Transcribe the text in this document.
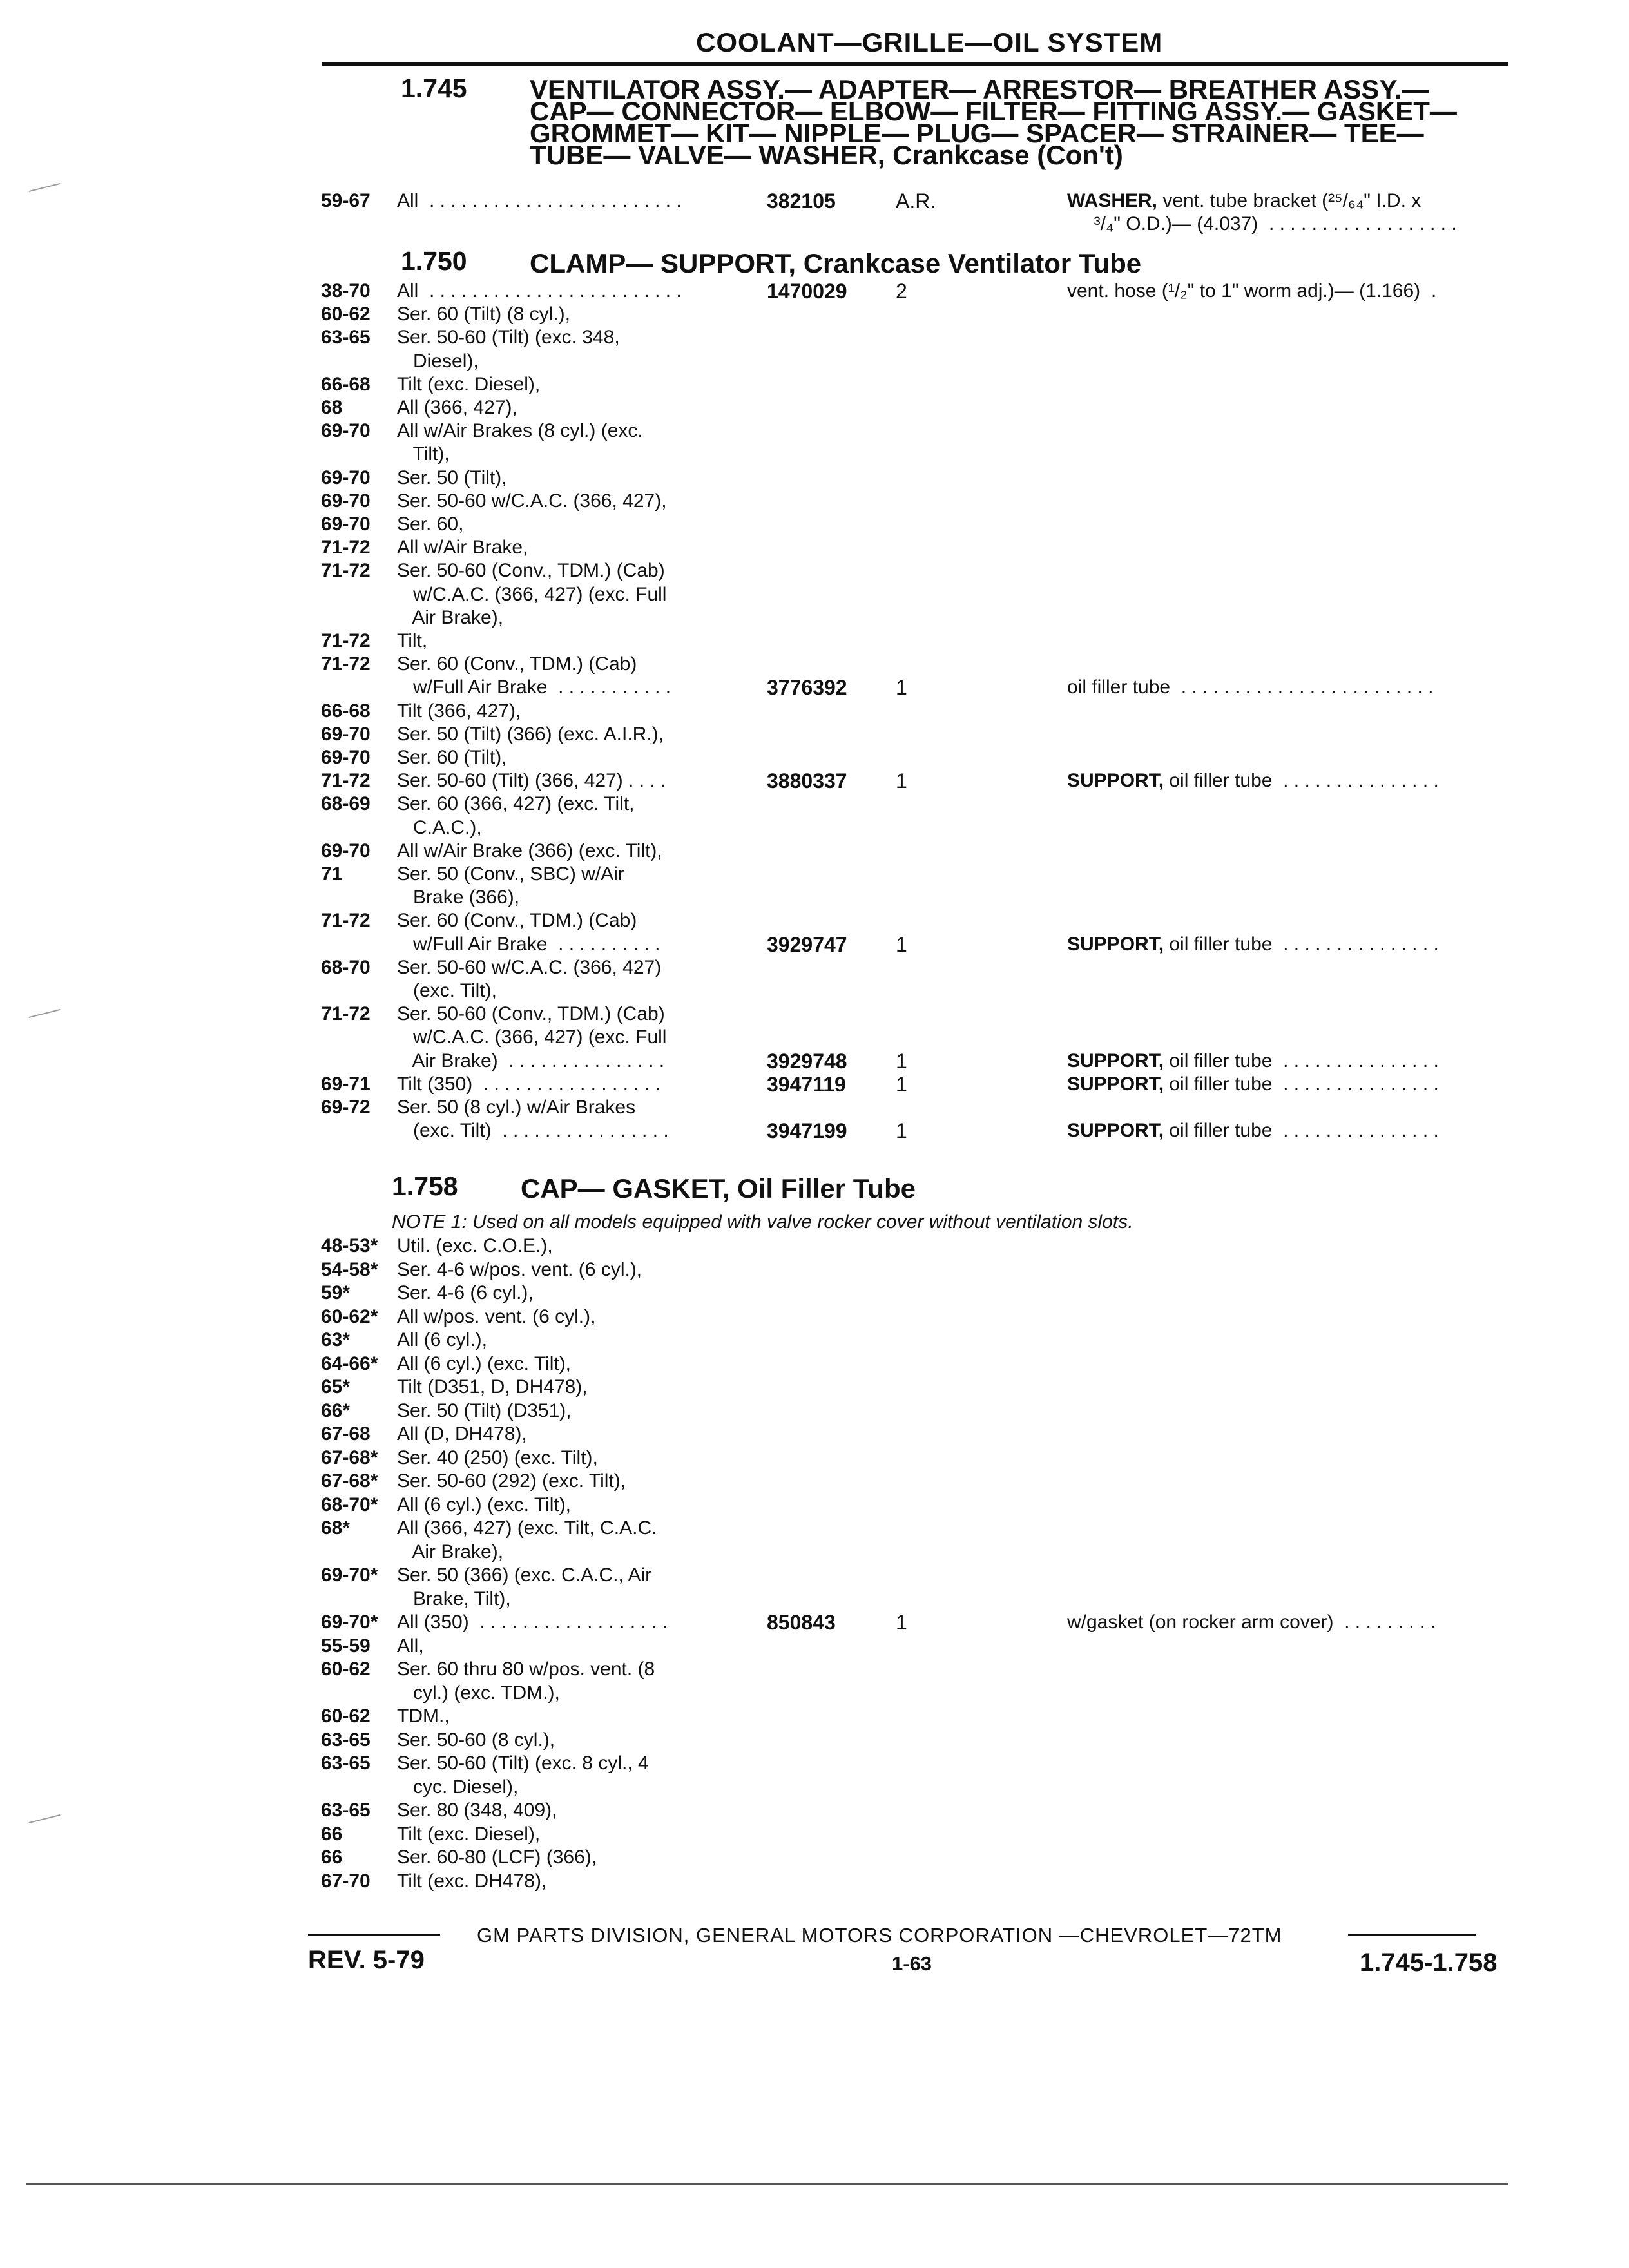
COOLANT—GRILLE—OIL SYSTEM
1.745 VENTILATOR ASSY.— ADAPTER— ARRESTOR— BREATHER ASSY.—
CAP— CONNECTOR— ELBOW— FILTER— FITTING ASSY.— GASKET—
GROMMET— KIT— NIPPLE— PLUG— SPACER— STRAINER— TEE—
TUBE— VALVE— WASHER, Crankcase (Con't)
59-67 All  . . . . . . . . . . . . . . . . . . . . . . . .	382105	A.R.	WASHER, vent. tube bracket (²⁵/₆₄" I.D. x
³/₄" O.D.)— (4.037)  . . . . . . . . . . . . . . . . . .
1.750 CLAMP— SUPPORT, Crankcase Ventilator Tube
38-70 All  . . . . . . . . . . . . . . . . . . . . . . . .	1470029 2	vent. hose (¹/₂" to 1" worm adj.)— (1.166)  .
60-62 Ser. 60 (Tilt) (8 cyl.),
63-65 Ser. 50-60 (Tilt) (exc. 348,
Diesel),
66-68 Tilt (exc. Diesel),
68	All (366, 427),
69-70 All w/Air Brakes (8 cyl.) (exc.
Tilt),
69-70 Ser. 50 (Tilt),
69-70 Ser. 50-60 w/C.A.C. (366, 427),
69-70 Ser. 60,
71-72 All w/Air Brake,
71-72 Ser. 50-60 (Conv., TDM.) (Cab)
w/C.A.C. (366, 427) (exc. Full
Air Brake),
71-72 Tilt,
71-72 Ser. 60 (Conv., TDM.) (Cab)
w/Full Air Brake  . . . . . . . . . . .	3776392 1	oil filler tube  . . . . . . . . . . . . . . . . . . . . . . . .
66-68 Tilt (366, 427),
69-70 Ser. 50 (Tilt) (366) (exc. A.I.R.),
69-70 Ser. 60 (Tilt),
71-72 Ser. 50-60 (Tilt) (366, 427) . . . .	3880337 1	SUPPORT, oil filler tube  . . . . . . . . . . . . . . .
68-69 Ser. 60 (366, 427) (exc. Tilt,
C.A.C.),
69-70 All w/Air Brake (366) (exc. Tilt),
71	Ser. 50 (Conv., SBC) w/Air
Brake (366),
71-72 Ser. 60 (Conv., TDM.) (Cab)
w/Full Air Brake  . . . . . . . . . .	3929747 1	SUPPORT, oil filler tube  . . . . . . . . . . . . . . .
68-70 Ser. 50-60 w/C.A.C. (366, 427)
(exc. Tilt),
71-72 Ser. 50-60 (Conv., TDM.) (Cab)
w/C.A.C. (366, 427) (exc. Full
Air Brake)  . . . . . . . . . . . . . . .	3929748 1	SUPPORT, oil filler tube  . . . . . . . . . . . . . . .
69-71 Tilt (350)  . . . . . . . . . . . . . . . . .	3947119 1	SUPPORT, oil filler tube  . . . . . . . . . . . . . . .
69-72 Ser. 50 (8 cyl.) w/Air Brakes
(exc. Tilt)  . . . . . . . . . . . . . . . .	3947199 1	SUPPORT, oil filler tube  . . . . . . . . . . . . . . .
1.758 CAP— GASKET, Oil Filler Tube
NOTE 1: Used on all models equipped with valve rocker cover without ventilation slots.
48-53* Util. (exc. C.O.E.),
54-58* Ser. 4-6 w/pos. vent. (6 cyl.),
59* Ser. 4-6 (6 cyl.),
60-62* All w/pos. vent. (6 cyl.),
63* All (6 cyl.),
64-66* All (6 cyl.) (exc. Tilt),
65* Tilt (D351, D, DH478),
66* Ser. 50 (Tilt) (D351),
67-68 All (D, DH478),
67-68* Ser. 40 (250) (exc. Tilt),
67-68* Ser. 50-60 (292) (exc. Tilt),
68-70* All (6 cyl.) (exc. Tilt),
68* All (366, 427) (exc. Tilt, C.A.C.
Air Brake),
69-70* Ser. 50 (366) (exc. C.A.C., Air
Brake, Tilt),
69-70* All (350)  . . . . . . . . . . . . . . . . . .	850843	1	w/gasket (on rocker arm cover)  . . . . . . . . .
55-59 All,
60-62 Ser. 60 thru 80 w/pos. vent. (8
cyl.) (exc. TDM.),
60-62 TDM.,
63-65 Ser. 50-60 (8 cyl.),
63-65 Ser. 50-60 (Tilt) (exc. 8 cyl., 4
cyc. Diesel),
63-65 Ser. 80 (348, 409),
66	Tilt (exc. Diesel),
66	Ser. 60-80 (LCF) (366),
67-70 Tilt (exc. DH478),
GM PARTS DIVISION, GENERAL MOTORS CORPORATION —CHEVROLET—72TM
REV. 5-79	1-63	1.745-1.758
